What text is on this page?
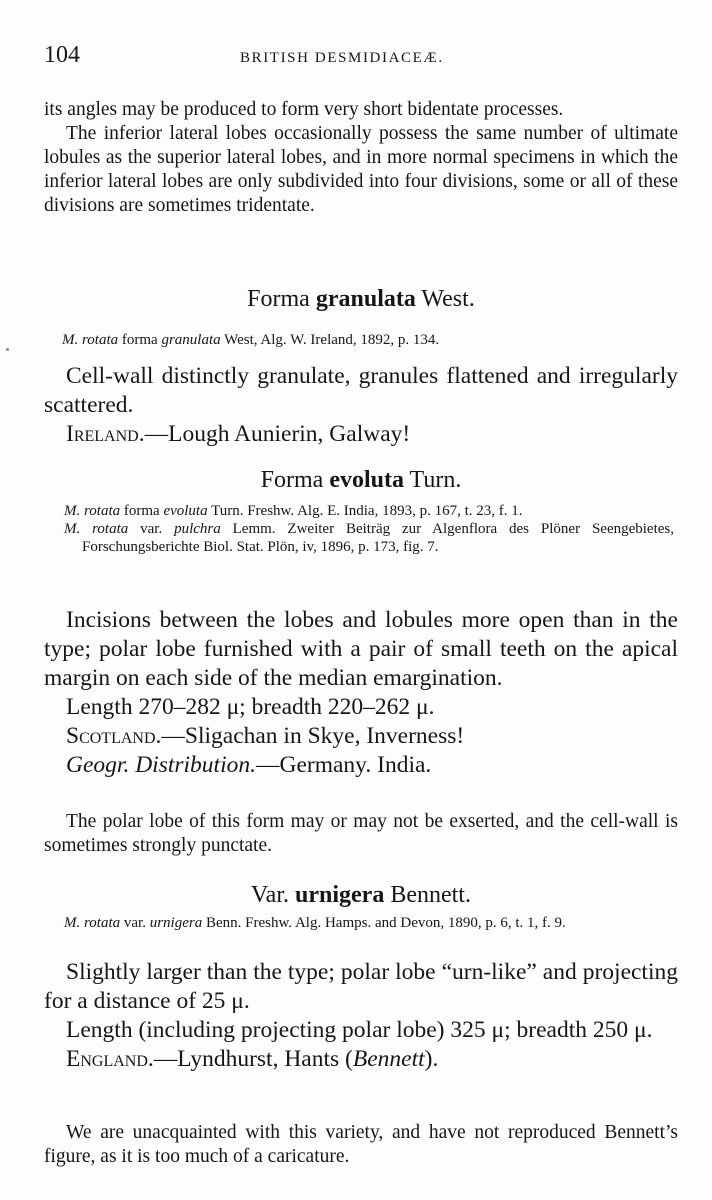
104	BRITISH DESMIDIACEÆ.

its angles may be produced to form very short bidentate processes.

The inferior lateral lobes occasionally possess the same number of ultimate lobules as the superior lateral lobes, and in more normal specimens in which the inferior lateral lobes are only subdivided into four divisions, some or all of these divisions are sometimes tridentate.

Forma granulata West.

M. rotata forma granulata West, Alg. W. Ireland, 1892, p. 134.

Cell-wall distinctly granulate, granules flattened and irregularly scattered.

Ireland.—Lough Aunierin, Galway!

Forma evoluta Turn.

M. rotata forma evoluta Turn. Freshw. Alg. E. India, 1893, p. 167, t. 23, f. 1.

M. rotata var. pulchra Lemm. Zweiter Beiträg zur Algenflora des Plöner Seengebietes, Forschungsberichte Biol. Stat. Plön, iv, 1896, p. 173, fig. 7.

Incisions between the lobes and lobules more open than in the type; polar lobe furnished with a pair of small teeth on the apical margin on each side of the median emargination.

Length 270–282 μ; breadth 220–262 μ.

Scotland.—Sligachan in Skye, Inverness!

Geogr. Distribution.—Germany. India.

The polar lobe of this form may or may not be exserted, and the cell-wall is sometimes strongly punctate.

Var. urnigera Bennett.

M. rotata var. urnigera Benn. Freshw. Alg. Hamps. and Devon, 1890, p. 6, t. 1, f. 9.

Slightly larger than the type; polar lobe “urn-like” and projecting for a distance of 25 μ.

Length (including projecting polar lobe) 325 μ; breadth 250 μ.

England.—Lyndhurst, Hants (Bennett).

We are unacquainted with this variety, and have not reproduced Bennett’s figure, as it is too much of a caricature.
